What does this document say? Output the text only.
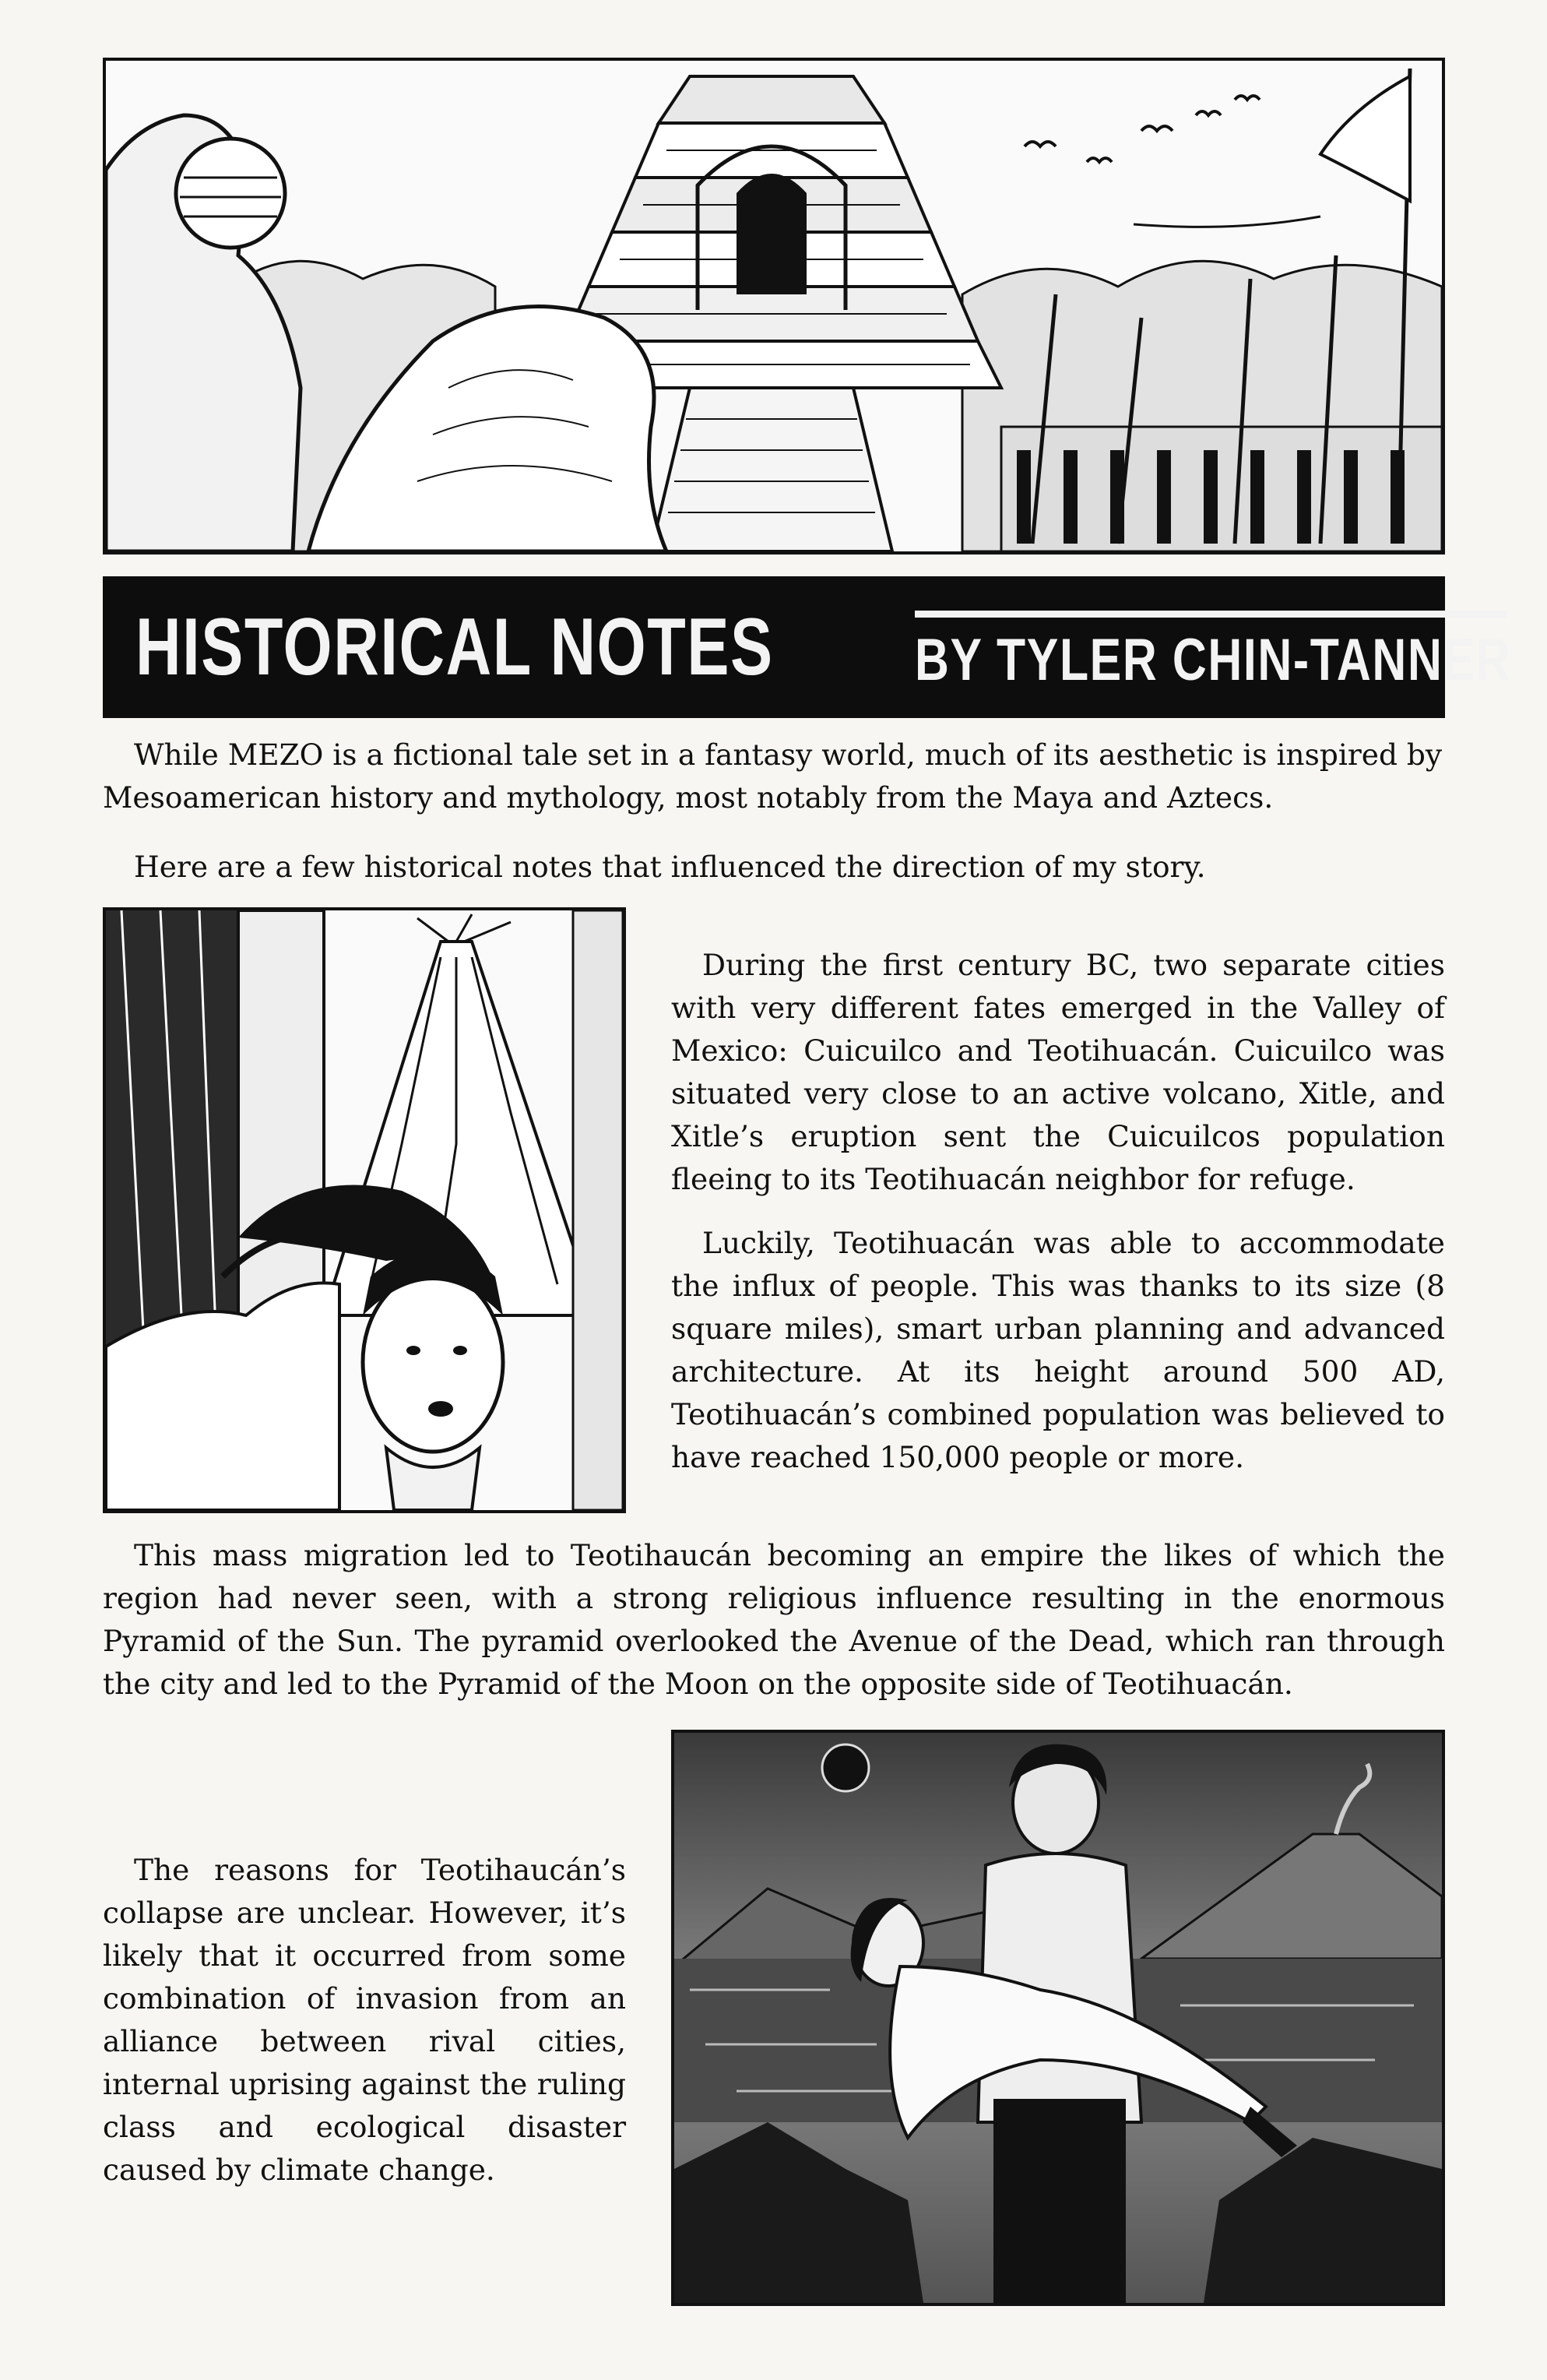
HISTORICAL NOTES BY TYLER CHIN-TANNER

While MEZO is a fictional tale set in a fantasy world, much of its aesthetic is inspired by Mesoamerican history and mythology, most notably from the Maya and Aztecs.

Here are a few historical notes that influenced the direction of my story.

During the first century BC, two separate cities with very different fates emerged in the Valley of Mexico: Cuicuilco and Teotihuacán. Cuicuilco was situated very close to an active volcano, Xitle, and Xitle’s eruption sent the Cuicuilcos population fleeing to its Teotihuacán neighbor for refuge.

Luckily, Teotihuacán was able to accommodate the influx of people. This was thanks to its size (8 square miles), smart urban planning and advanced architecture. At its height around 500 AD, Teotihuacán’s combined population was believed to have reached 150,000 people or more.

This mass migration led to Teotihaucán becoming an empire the likes of which the region had never seen, with a strong religious influence resulting in the enormous Pyramid of the Sun. The pyramid overlooked the Avenue of the Dead, which ran through the city and led to the Pyramid of the Moon on the opposite side of Teotihuacán.

The reasons for Teotihaucán’s collapse are unclear. However, it’s likely that it occurred from some combination of invasion from an alliance between rival cities, internal uprising against the ruling class and ecological disaster caused by climate change.
